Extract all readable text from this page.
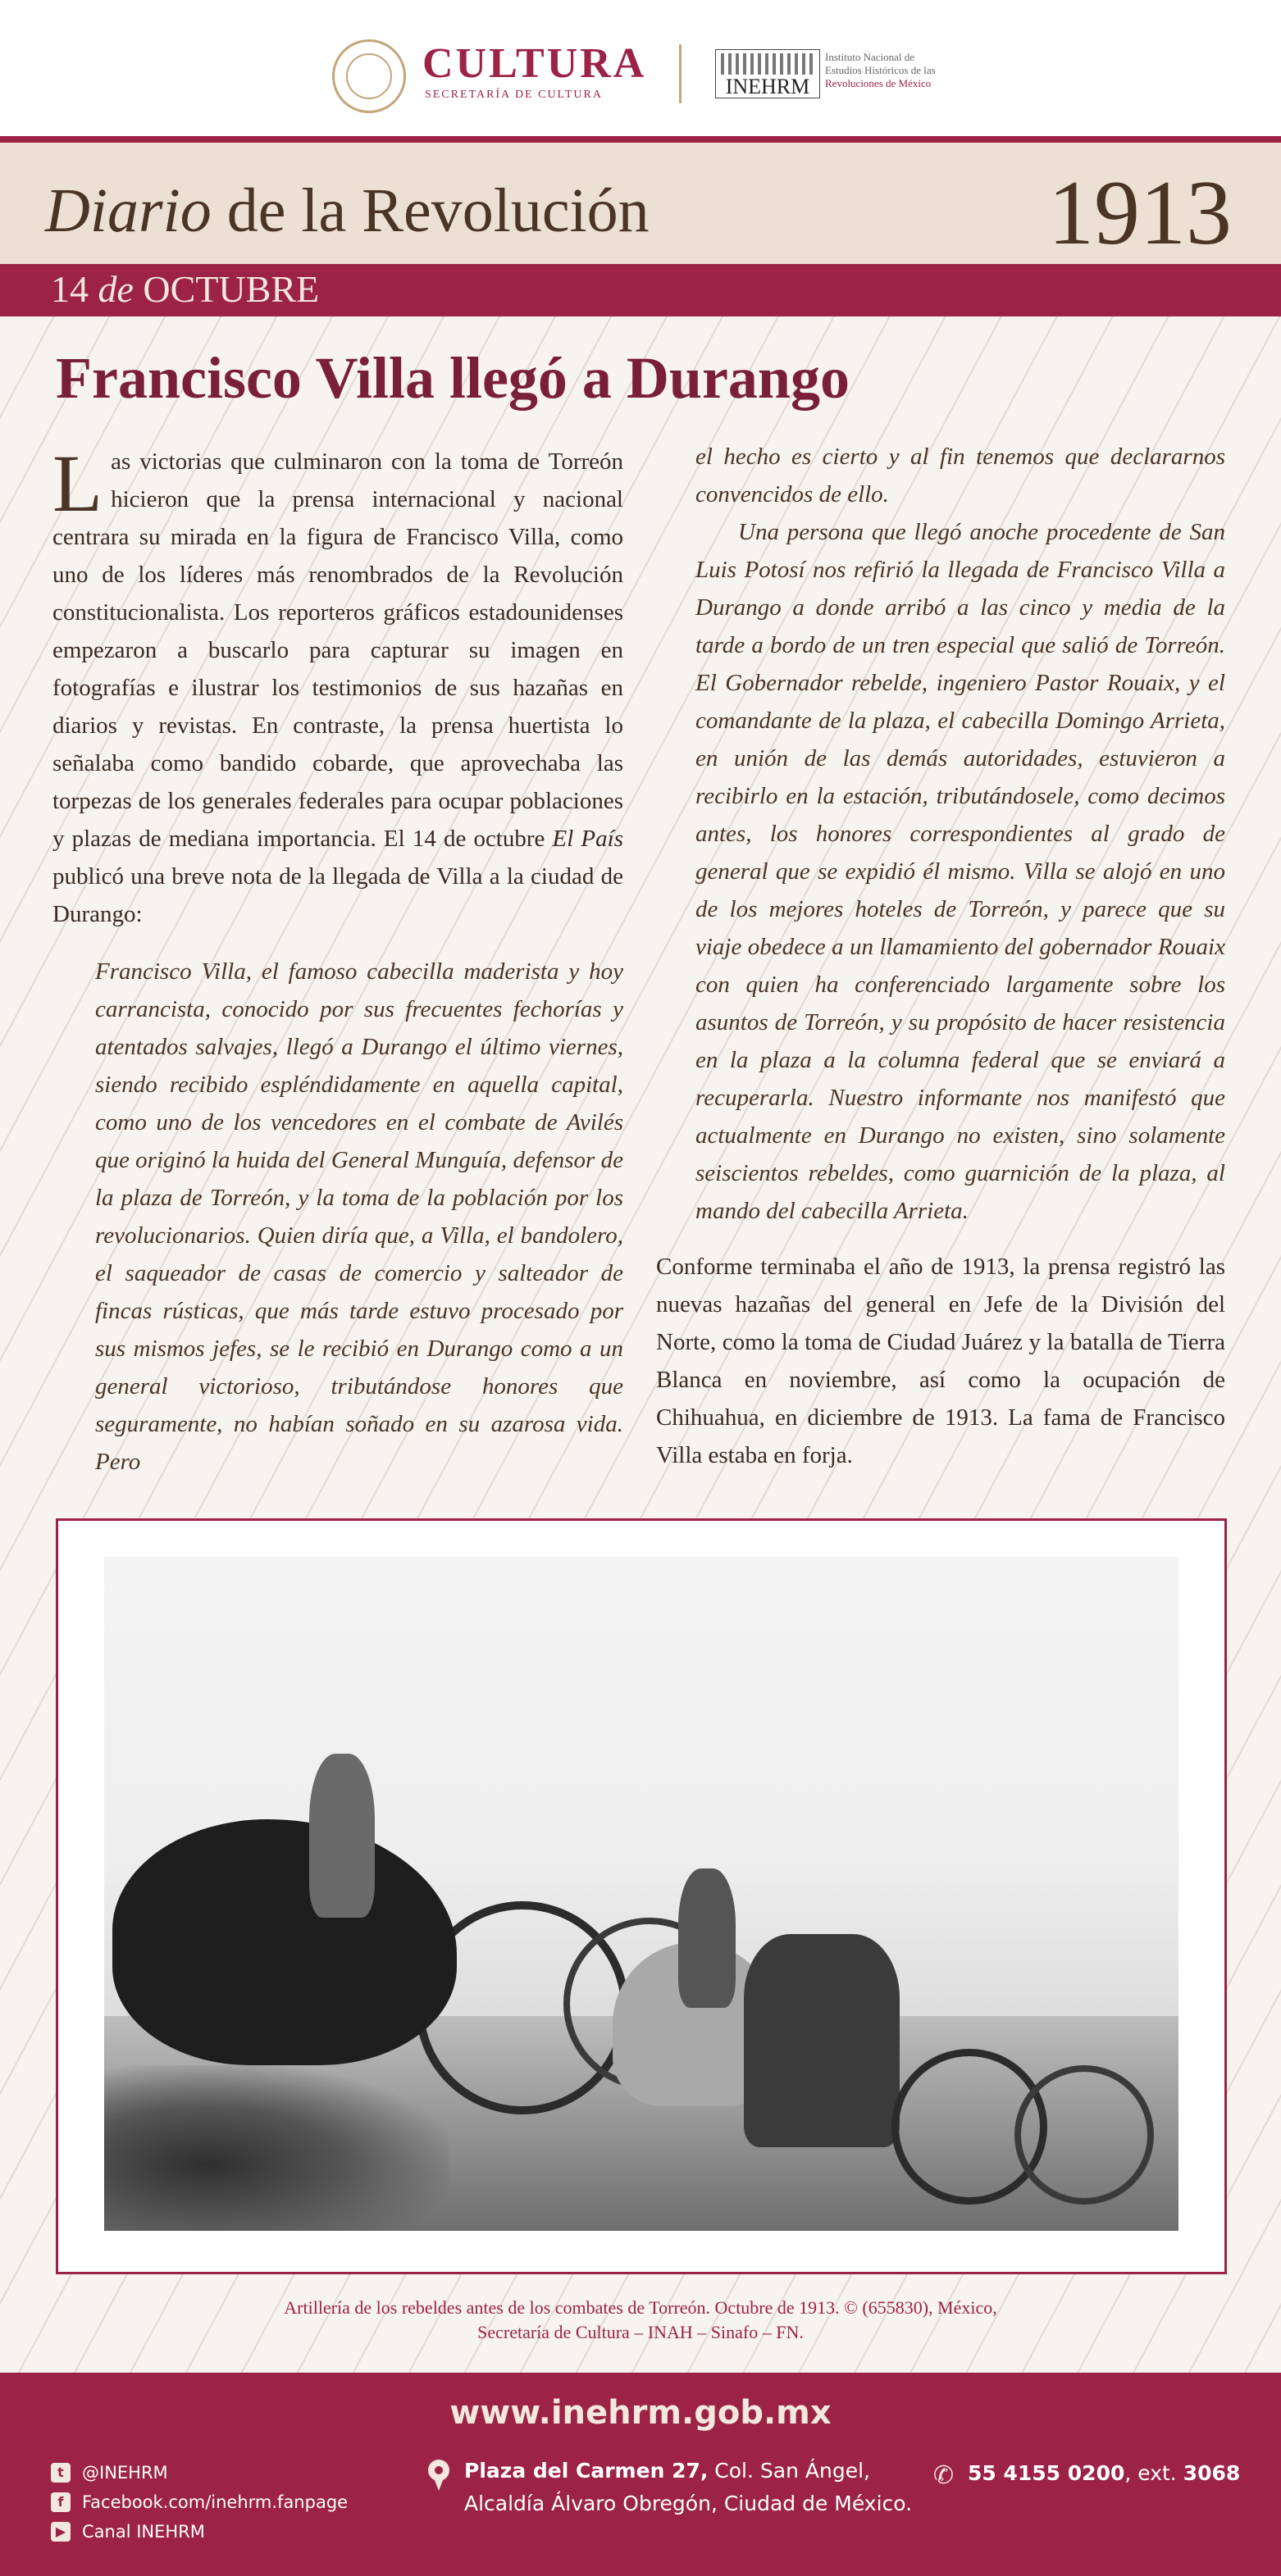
CULTURA
SECRETARÍA DE CULTURA	INEHRM
Instituto Nacional de
Estudios Históricos de las
Revoluciones de México
Diario de la Revolución	1913
14 de OCTUBRE
Francisco Villa llegó a Durango

Las victorias que culminaron con la toma de Torreón hicieron que la prensa internacional y nacional centrara su mirada en la figura de Francisco Villa, como uno de los líderes más renombrados de la Revolución constitucionalista. Los reporteros gráficos estadounidenses empezaron a buscarlo para capturar su imagen en fotografías e ilustrar los testimonios de sus hazañas en diarios y revistas. En contraste, la prensa huertista lo señalaba como bandido cobarde, que aprovechaba las torpezas de los generales federales para ocupar poblaciones y plazas de mediana importancia. El 14 de octubre El País publicó una breve nota de la llegada de Villa a la ciudad de Durango:

Francisco Villa, el famoso cabecilla maderista y hoy carrancista, conocido por sus frecuentes fechorías y atentados salvajes, llegó a Durango el último viernes, siendo recibido espléndidamente en aquella capital, como uno de los vencedores en el combate de Avilés que originó la huida del General Munguía, defensor de la plaza de Torreón, y la toma de la población por los revolucionarios. Quien diría que, a Villa, el bandolero, el saqueador de casas de comercio y salteador de fincas rústicas, que más tarde estuvo procesado por sus mismos jefes, se le recibió en Durango como a un general victorioso, tributándose honores que seguramente, no habían soñado en su azarosa vida. Pero

el hecho es cierto y al fin tenemos que declararnos convencidos de ello.

Una persona que llegó anoche procedente de San Luis Potosí nos refirió la llegada de Francisco Villa a Durango a donde arribó a las cinco y media de la tarde a bordo de un tren especial que salió de Torreón. El Gobernador rebelde, ingeniero Pastor Rouaix, y el comandante de la plaza, el cabecilla Domingo Arrieta, en unión de las demás autoridades, estuvieron a recibirlo en la estación, tributándosele, como decimos antes, los honores correspondientes al grado de general que se expidió él mismo. Villa se alojó en uno de los mejores hoteles de Torreón, y parece que su viaje obedece a un llamamiento del gobernador Rouaix con quien ha conferenciado largamente sobre los asuntos de Torreón, y su propósito de hacer resistencia en la plaza a la columna federal que se enviará a recuperarla. Nuestro informante nos manifestó que actualmente en Durango no existen, sino solamente seiscientos rebeldes, como guarnición de la plaza, al mando del cabecilla Arrieta.

Conforme terminaba el año de 1913, la prensa registró las nuevas hazañas del general en Jefe de la División del Norte, como la toma de Ciudad Juárez y la batalla de Tierra Blanca en noviembre, así como la ocupación de Chihuahua, en diciembre de 1913. La fama de Francisco Villa estaba en forja.

Artillería de los rebeldes antes de los combates de Torreón. Octubre de 1913. © (655830), México,
Secretaría de Cultura – INAH – Sinafo – FN.
www.inehrm.gob.mx
t	@INEHRM
f	Facebook.com/inehrm.fanpage
▶ Canal INEHRM
Plaza del Carmen 27, Col. San Ángel,
Alcaldía Álvaro Obregón, Ciudad de México.
✆ 55 4155 0200, ext. 3068
